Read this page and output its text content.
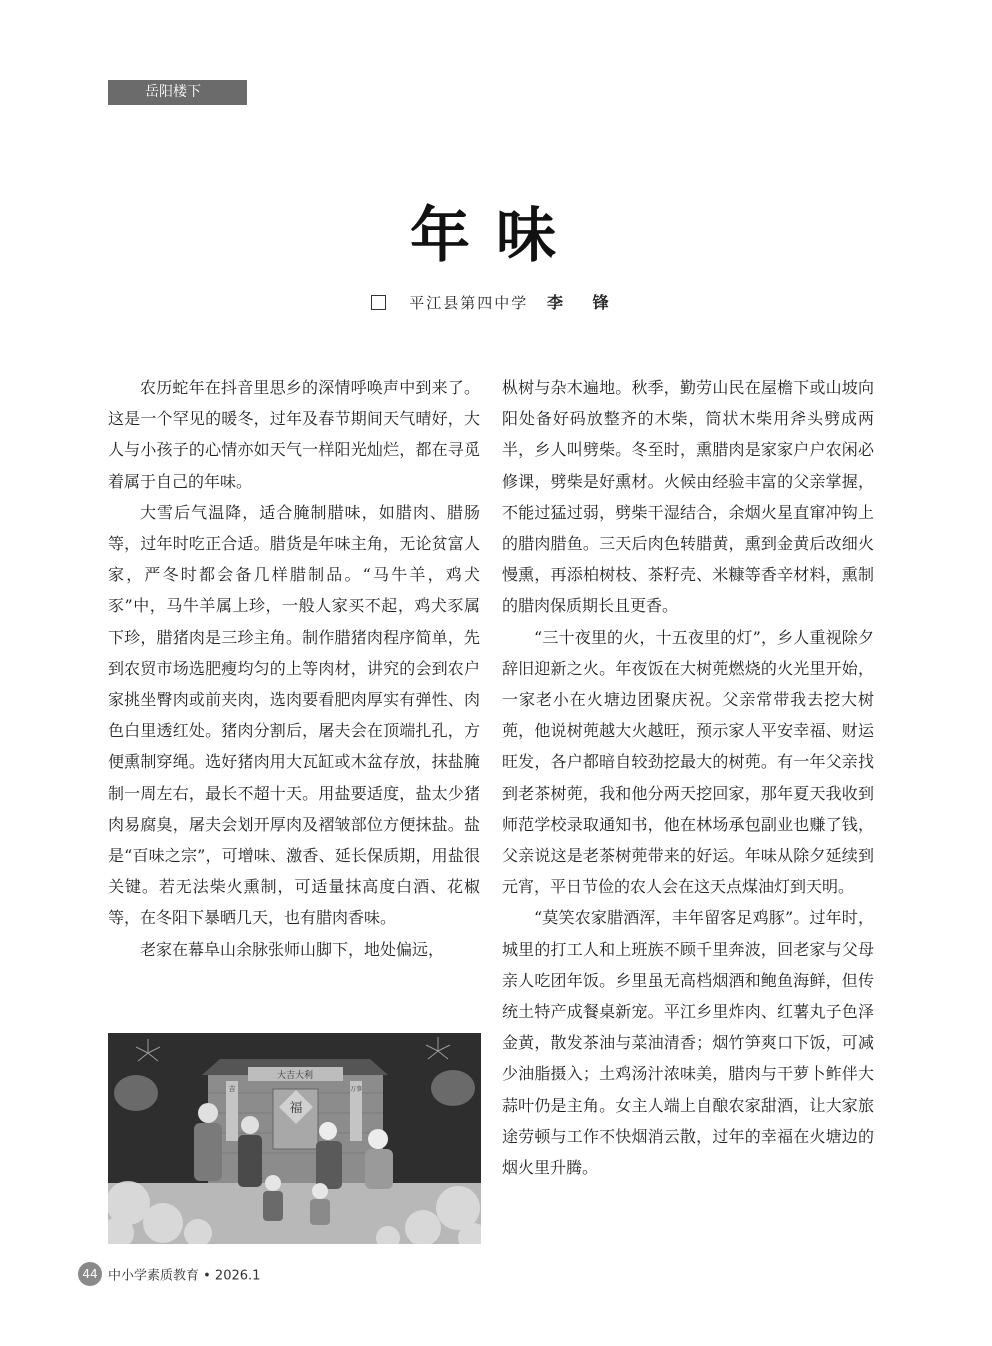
岳阳楼下
年味
平江县第四中学 李 锋

农历蛇年在抖音里思乡的深情呼唤声中到来了。这是一个罕见的暖冬，过年及春节期间天气晴好，大人与小孩子的心情亦如天气一样阳光灿烂，都在寻觅着属于自己的年味。

大雪后气温降，适合腌制腊味，如腊肉、腊肠等，过年时吃正合适。腊货是年味主角，无论贫富人家，严冬时都会备几样腊制品。“马牛羊，鸡犬豕”中，马牛羊属上珍，一般人家买不起，鸡犬豕属下珍，腊猪肉是三珍主角。制作腊猪肉程序简单，先到农贸市场选肥瘦均匀的上等肉材，讲究的会到农户家挑坐臀肉或前夹肉，选肉要看肥肉厚实有弹性、肉色白里透红处。猪肉分割后，屠夫会在顶端扎孔，方便熏制穿绳。选好猪肉用大瓦缸或木盆存放，抹盐腌制一周左右，最长不超十天。用盐要适度，盐太少猪肉易腐臭，屠夫会划开厚肉及褶皱部位方便抹盐。盐是“百味之宗”，可增味、激香、延长保质期，用盐很关键。若无法柴火熏制，可适量抹高度白酒、花椒等，在冬阳下暴晒几天，也有腊肉香味。

老家在幕阜山余脉张师山脚下，地处偏远，

枞树与杂木遍地。秋季，勤劳山民在屋檐下或山坡向阳处备好码放整齐的木柴，筒状木柴用斧头劈成两半，乡人叫劈柴。冬至时，熏腊肉是家家户户农闲必修课，劈柴是好熏材。火候由经验丰富的父亲掌握，不能过猛过弱，劈柴干湿结合，余烟火星直窜冲钩上的腊肉腊鱼。三天后肉色转腊黄，熏到金黄后改细火慢熏，再添柏树枝、茶籽壳、米糠等香辛材料，熏制的腊肉保质期长且更香。

“三十夜里的火，十五夜里的灯”，乡人重视除夕辞旧迎新之火。年夜饭在大树蔸燃烧的火光里开始，一家老小在火塘边团聚庆祝。父亲常带我去挖大树蔸，他说树蔸越大火越旺，预示家人平安幸福、财运旺发，各户都暗自较劲挖最大的树蔸。有一年父亲找到老茶树蔸，我和他分两天挖回家，那年夏天我收到师范学校录取通知书，他在林场承包副业也赚了钱，父亲说这是老茶树蔸带来的好运。年味从除夕延续到元宵，平日节俭的农人会在这天点煤油灯到天明。

“莫笑农家腊酒浑，丰年留客足鸡豚”。过年时，城里的打工人和上班族不顾千里奔波，回老家与父母亲人吃团年饭。乡里虽无高档烟酒和鲍鱼海鲜，但传统土特产成餐桌新宠。平江乡里炸肉、红薯丸子色泽金黄，散发茶油与菜油清香；烟竹笋爽口下饭，可减少油脂摄入；土鸡汤汁浓味美，腊肉与干萝卜鲊伴大蒜叶仍是主角。女主人端上自酿农家甜酒，让大家旅途劳顿与工作不快烟消云散，过年的幸福在火塘边的烟火里升腾。

大吉大利
福
吉	万事
44 中小学素质教育 • 2026.1
